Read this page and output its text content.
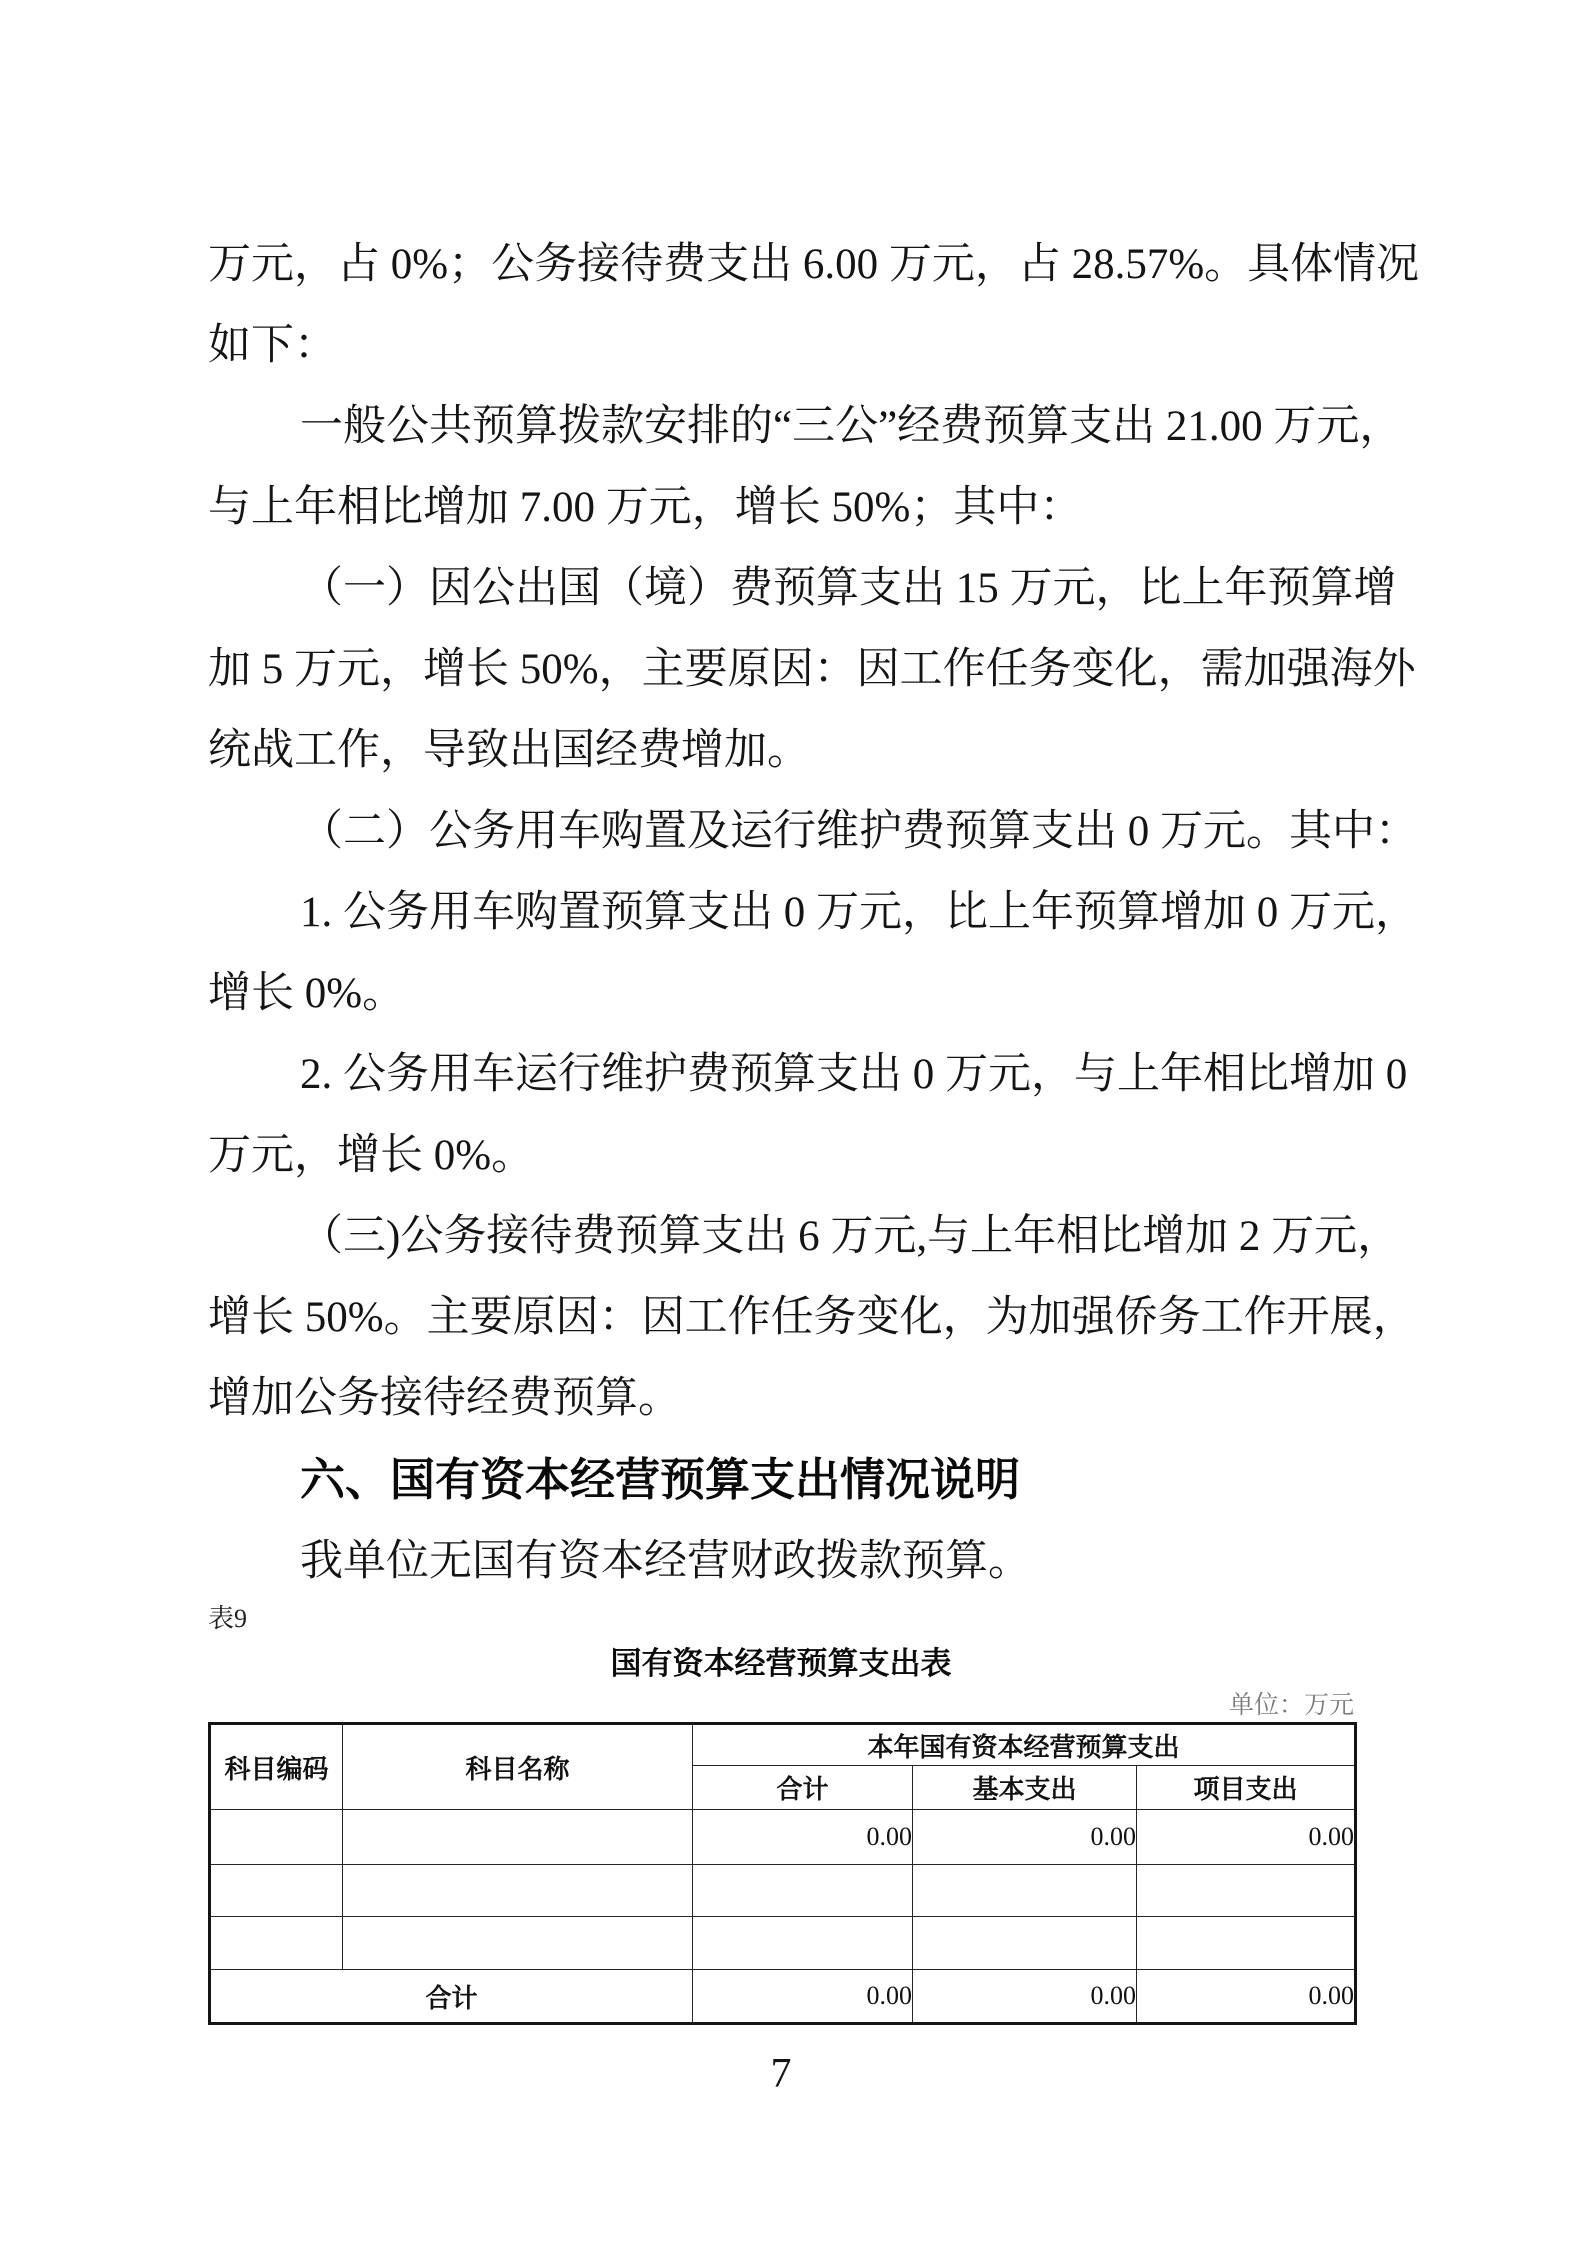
万元，占 0%；公务接待费支出 6.00 万元，占 28.57%。具体情况
如下：
一般公共预算拨款安排的“三公”经费预算支出 21.00 万元，
与上年相比增加 7.00 万元，增长 50%；其中：
（一）因公出国（境）费预算支出 15 万元，比上年预算增
加 5 万元，增长 50%，主要原因：因工作任务变化，需加强海外
统战工作，导致出国经费增加。
（二）公务用车购置及运行维护费预算支出 0 万元。其中：
1. 公务用车购置预算支出 0 万元，比上年预算增加 0 万元，
增长 0%。
2. 公务用车运行维护费预算支出 0 万元，与上年相比增加 0
万元，增长 0%。
（三)公务接待费预算支出 6 万元,与上年相比增加 2 万元，
增长 50%。主要原因：因工作任务变化，为加强侨务工作开展，
增加公务接待经费预算。
六、国有资本经营预算支出情况说明
我单位无国有资本经营财政拨款预算。
表9
国有资本经营预算支出表
单位：万元
科目编码	科目名称	本年国有资本经营预算支出		
		合计	基本支出	项目支出
		0.00	0.00	0.00

合计		0.00	0.00	0.00
7
